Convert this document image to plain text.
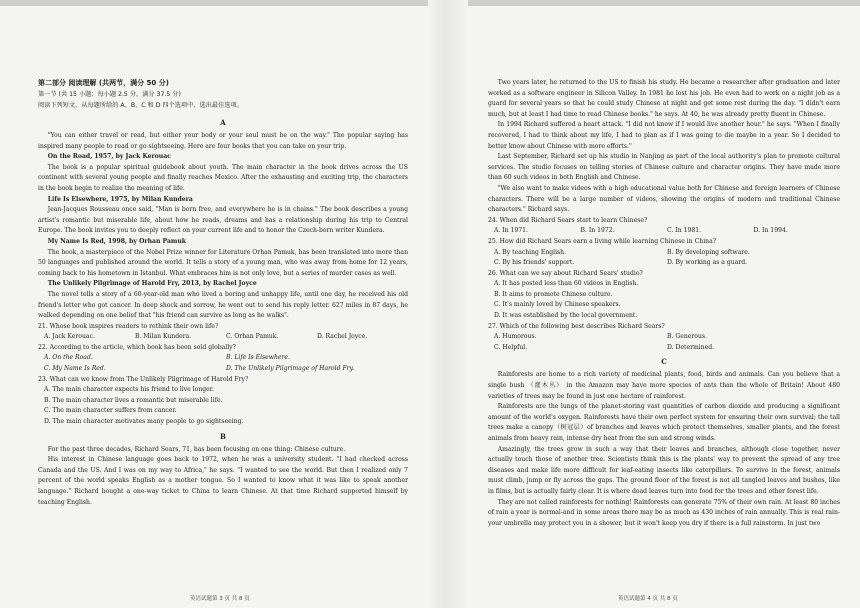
第二部分 阅读理解 (共两节，满分 50 分)
第一节 (共 15 小题；每小题 2.5 分，满分 37.5 分)
阅读下列短文，从每题所给的 A、B、C 和 D 四个选项中，选出最佳选项。
A

"You can either travel or read, but either your body or your soul must be on the way." The popular saying has inspired many people to read or go sightseeing. Here are four books that you can take on your trip.

On the Road, 1957, by Jack Kerouac

The book is a popular spiritual guidebook about youth. The main character in the book drives across the US continent with several young people and finally reaches Mexico. After the exhausting and exciting trip, the characters in the book begin to realize the meaning of life.

Life Is Elsewhere, 1975, by Milan Kundera

Jean-Jacques Rousseau once said, "Man is born free, and everywhere he is in chains." The book describes a young artist's romantic but miserable life, about how he reads, dreams and has a relationship during his trip to Central Europe. The book invites you to deeply reflect on your current life and to honor the Czech-born writer Kundera.

My Name Is Red, 1998, by Orhan Pamuk

The book, a masterpiece of the Nobel Prize winner for Literature Orhan Pamuk, has been translated into more than 50 languages and published around the world. It tells a story of a young man, who was away from home for 12 years, coming back to his hometown in Istanbul. What embraces him is not only love, but a series of murder cases as well.

The Unlikely Pilgrimage of Harold Fry, 2013, by Rachel Joyce

The novel tells a story of a 60-year-old man who lived a boring and unhappy life, until one day, he received his old friend's letter who got cancer. In deep shock and sorrow, he went out to send his reply letter. 627 miles in 87 days, he walked depending on one belief that "his friend can survive as long as he walks".

21. Whose book inspires readers to rethink their own life?
A. Jack Kerouac.	B. Milan Kundera.	C. Orhan Pamuk.	D. Rachel Joyce.
22. According to the article, which book has been sold globally?
A. On the Road.	B. Life Is Elsewhere.
C. My Name Is Red.	D. The Unlikely Pilgrimage of Harold Fry.
23. What can we know from The Unlikely Pilgrimage of Harold Fry?
A. The main character expects his friend to live longer.
B. The main character lives a romantic but miserable life.
C. The main character suffers from cancer.
D. The main character motivates many people to go sightseeing.
B

For the past three decades, Richard Sears, 71, has been focusing on one thing: Chinese culture.

His interest in Chinese language goes back to 1972, when he was a university student. "I had checked across Canada and the US. And I was on my way to Africa," he says. "I wanted to see the world. But then I realized only 7 percent of the world speaks English as a mother tongue. So I wanted to know what it was like to speak another language." Richard bought a one-way ticket to China to learn Chinese. At that time Richard supported himself by teaching English.

英语试题第 3 页 共 8 页

Two years later, he returned to the US to finish his study. He became a researcher after graduation and later worked as a software engineer in Silicon Valley. In 1981 he lost his job. He even had to work on a night job as a guard for several years so that he could study Chinese at night and get some rest during the day. "I didn't earn much, but at least I had time to read Chinese books." he says. At 40, he was already pretty fluent in Chinese.

In 1994 Richard suffered a heart attack. "I did not know if I would live another hour." he says. "When I finally recovered, I had to think about my life, I had to plan as if I was going to die maybe in a year. So I decided to better know about Chinese with more efforts."

Last September, Richard set up his studio in Nanjing as part of the local authority's plan to promote cultural services. The studio focuses on telling stories of Chinese culture and character origins. They have made more than 60 such videos in both English and Chinese.

"We also want to make videos with a high educational value both for Chinese and foreign learners of Chinese characters. There will be a large number of videos, showing the origins of modern and traditional Chinese characters." Richard says.

24. When did Richard Sears start to learn Chinese?
A. In 1971.	B. In 1972.	C. In 1981.	D. In 1994.
25. How did Richard Sears earn a living while learning Chinese in China?
A. By teaching English.	B. By developing software.
C. By his friends' support.	D. By working as a guard.
26. What can we say about Richard Sears' studio?
A. It has posted less than 60 videos in English.
B. It aims to promote Chinese culture.
C. It's mainly loved by Chinese speakers.
D. It was established by the local government.
27. Which of the following best describes Richard Sears?
A. Humorous.	B. Generous.
C. Helpful.	D. Determined.
C

Rainforests are home to a rich variety of medicinal plants, food, birds and animals. Can you believe that a single bush （灌木丛） in the Amazon may have more species of ants than the whole of Britain! About 480 varieties of trees may be found in just one hectare of rainforest.

Rainforests are the lungs of the planet-storing vast quantities of carbon dioxide and producing a significant amount of the world's oxygen. Rainforests have their own perfect system for ensuring their own survival; the tall trees make a canopy（树冠层）of branches and leaves which protect themselves, smaller plants, and the forest animals from heavy rain, intense dry heat from the sun and strong winds.

Amazingly, the trees grow in such a way that their leaves and branches, although close together, never actually touch those of another tree. Scientists think this is the plants' way to prevent the spread of any tree diseases and make life more difficult for leaf-eating insects like caterpillars. To survive in the forest, animals must climb, jump or fly across the gaps. The ground floor of the forest is not all tangled leaves and bushes, like in films, but is actually fairly clear. It is where dead leaves turn into food for the trees and other forest life.

They are not called rainforests for nothing! Rainforests can generate 75% of their own rain. At least 80 inches of rain a year is normal-and in some areas there may be as much as 430 inches of rain annually. This is real rain-your umbrella may protect you in a shower, but it won't keep you dry if there is a full rainstorm. In just two

英语试题第 4 页 共 8 页
